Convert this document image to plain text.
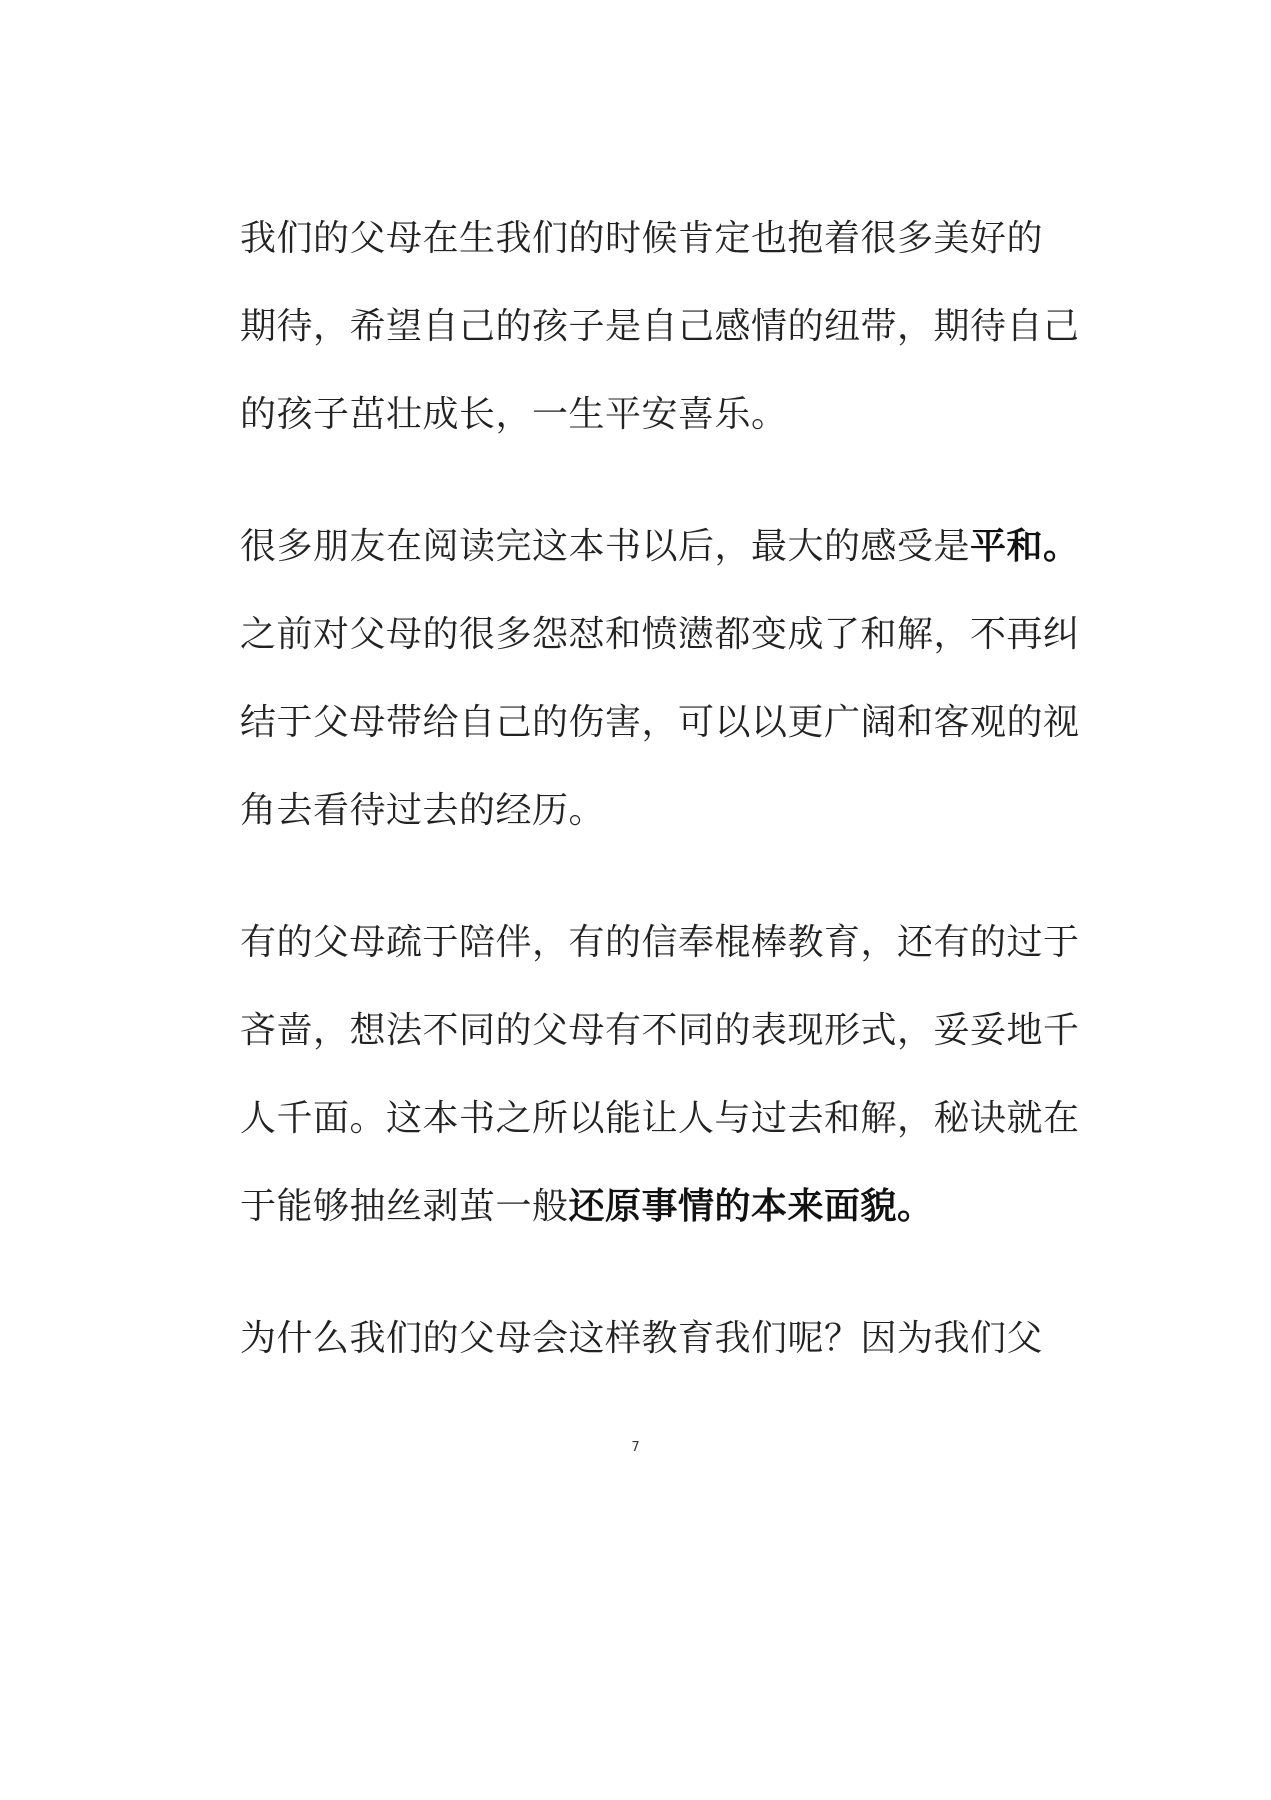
我们的父母在生我们的时候肯定也抱着很多美好的
期待，希望自己的孩子是自己感情的纽带，期待自己
的孩子茁壮成长，一生平安喜乐。
很多朋友在阅读完这本书以后，最大的感受是平和。
之前对父母的很多怨怼和愤懑都变成了和解，不再纠
结于父母带给自己的伤害，可以以更广阔和客观的视
角去看待过去的经历。
有的父母疏于陪伴，有的信奉棍棒教育，还有的过于
吝啬，想法不同的父母有不同的表现形式，妥妥地千
人千面。这本书之所以能让人与过去和解，秘诀就在
于能够抽丝剥茧一般还原事情的本来面貌。
为什么我们的父母会这样教育我们呢？因为我们父
7
